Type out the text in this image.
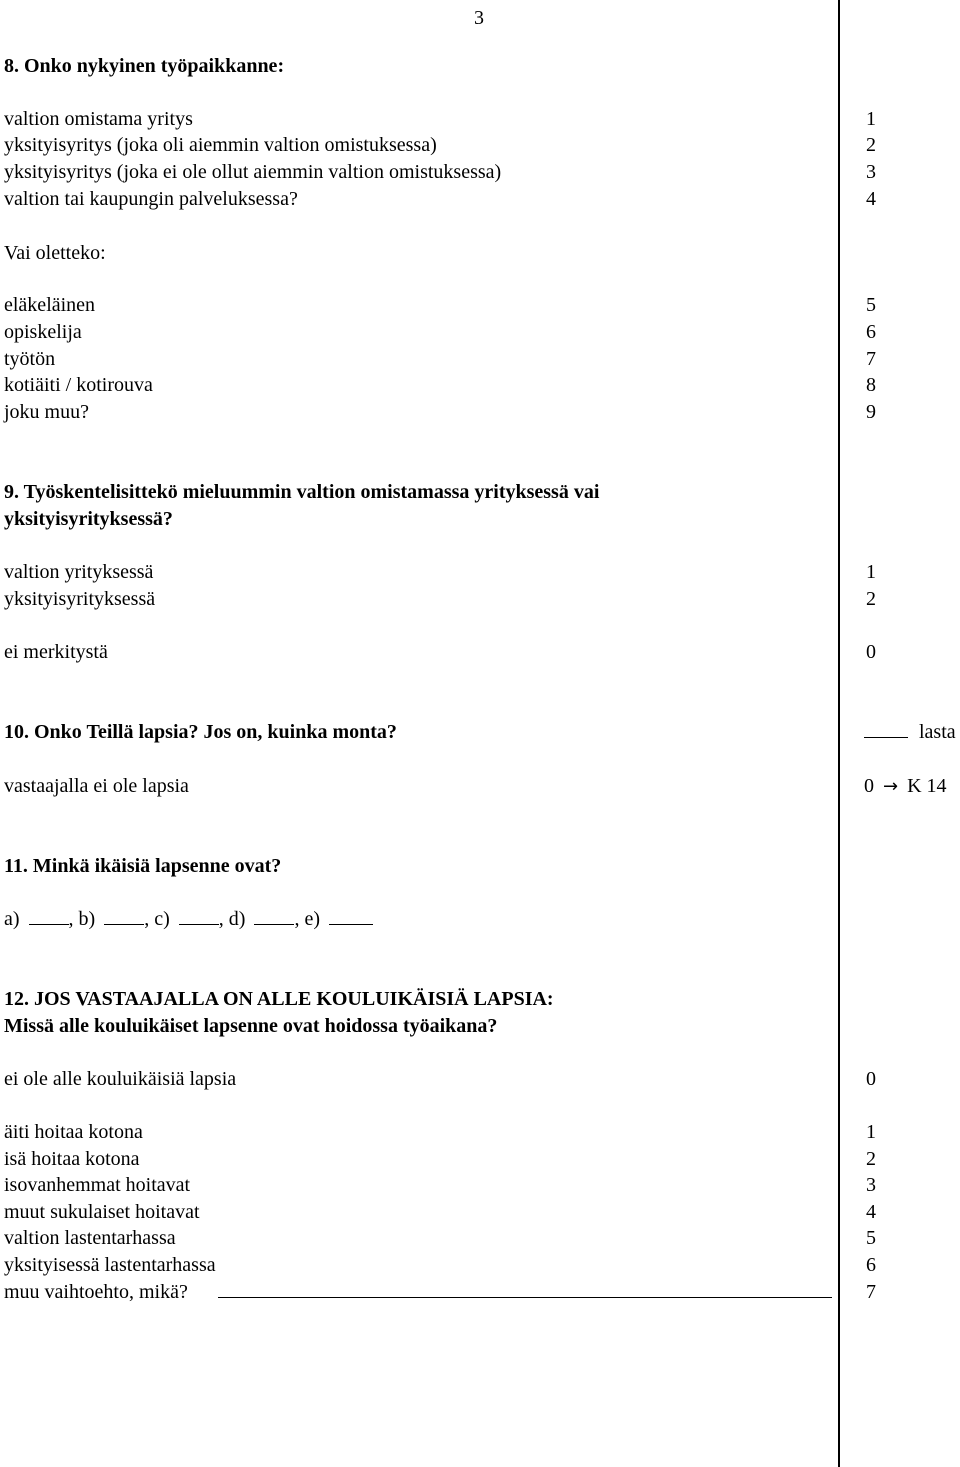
3
8. Onko nykyinen työpaikkanne:
valtion omistama yritys	1
yksityisyritys (joka oli aiemmin valtion omistuksessa)	2
yksityisyritys (joka ei ole ollut aiemmin valtion omistuksessa)	3
valtion tai kaupungin palveluksessa?	4
Vai oletteko:
eläkeläinen	5
opiskelija	6
työtön	7
kotiäiti / kotirouva	8
joku muu?	9
9. Työskentelisittekö mieluummin valtion omistamassa yrityksessä vai
yksityisyrityksessä?
valtion yrityksessä	1
yksityisyrityksessä	2
ei merkitystä	0
10. Onko Teillä lapsia? Jos on, kuinka monta?	lasta
vastaajalla ei ole lapsia	0 → K 14
11. Minkä ikäisiä lapsenne ovat?
a) , b) , c) , d) , e)
12. JOS VASTAAJALLA ON ALLE KOULUIKÄISIÄ LAPSIA:
Missä alle kouluikäiset lapsenne ovat hoidossa työaikana?
ei ole alle kouluikäisiä lapsia	0
äiti hoitaa kotona	1
isä hoitaa kotona	2
isovanhemmat hoitavat	3
muut sukulaiset hoitavat	4
valtion lastentarhassa	5
yksityisessä lastentarhassa	6
muu vaihtoehto, mikä?	7
